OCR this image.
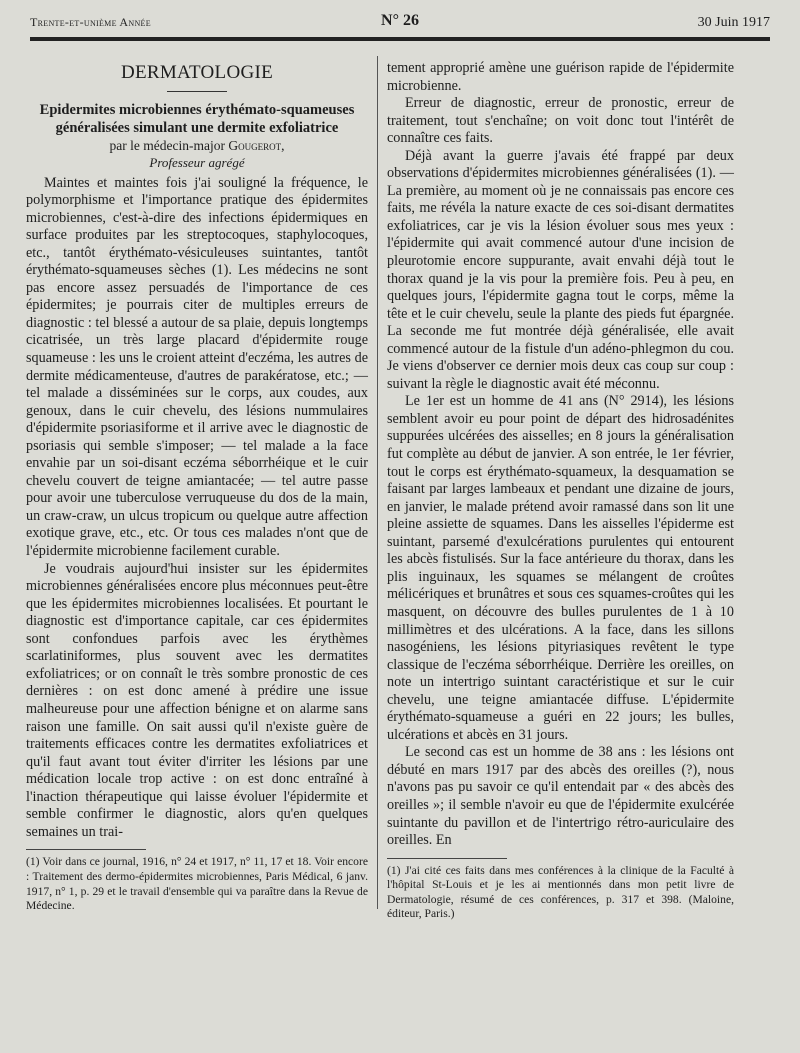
Trente-et-unième Année	N° 26	30 Juin 1917
DERMATOLOGIE
Epidermites microbiennes érythémato-squameuses généralisées simulant une dermite exfoliatrice
par le médecin-major Gougerot,
Professeur agrégé

Maintes et maintes fois j'ai souligné la fréquence, le polymorphisme et l'importance pratique des épidermites microbiennes, c'est-à-dire des infections épidermiques en surface produites par les streptocoques, staphylocoques, etc., tantôt érythémato-vésiculeuses suintantes, tantôt érythémato-squameuses sèches (1). Les médecins ne sont pas encore assez persuadés de l'importance de ces épidermites; je pourrais citer de multiples erreurs de diagnostic : tel blessé a autour de sa plaie, depuis longtemps cicatrisée, un très large placard d'épidermite rouge squameuse : les uns le croient atteint d'eczéma, les autres de dermite médicamenteuse, d'autres de parakératose, etc.; — tel malade a disséminées sur le corps, aux coudes, aux genoux, dans le cuir chevelu, des lésions nummulaires d'épidermite psoriasiforme et il arrive avec le diagnostic de psoriasis qui semble s'imposer; — tel malade a la face envahie par un soi-disant eczéma séborrhéique et le cuir chevelu couvert de teigne amiantacée; — tel autre passe pour avoir une tuberculose verruqueuse du dos de la main, un craw-craw, un ulcus tropicum ou quelque autre affection exotique grave, etc., etc. Or tous ces malades n'ont que de l'épidermite microbienne facilement curable.

Je voudrais aujourd'hui insister sur les épidermites microbiennes généralisées encore plus méconnues peut-être que les épidermites microbiennes localisées. Et pourtant le diagnostic est d'importance capitale, car ces épidermites sont confondues parfois avec les érythèmes scarlatiniformes, plus souvent avec les dermatites exfoliatrices; or on connaît le très sombre pronostic de ces dernières : on est donc amené à prédire une issue malheureuse pour une affection bénigne et on alarme sans raison une famille. On sait aussi qu'il n'existe guère de traitements efficaces contre les dermatites exfoliatrices et qu'il faut avant tout éviter d'irriter les lésions par une médication locale trop active : on est donc entraîné à l'inaction thérapeutique qui laisse évoluer l'épidermite et semble confirmer le diagnostic, alors qu'en quelques semaines un trai-

(1) Voir dans ce journal, 1916, n° 24 et 1917, n° 11, 17 et 18. Voir encore : Traitement des dermo-épidermites microbiennes, Paris Médical, 6 janv. 1917, n° 1, p. 29 et le travail d'ensemble qui va paraître dans la Revue de Médecine.

tement approprié amène une guérison rapide de l'épidermite microbienne.

Erreur de diagnostic, erreur de pronostic, erreur de traitement, tout s'enchaîne; on voit donc tout l'intérêt de connaître ces faits.

Déjà avant la guerre j'avais été frappé par deux observations d'épidermites microbiennes généralisées (1). — La première, au moment où je ne connaissais pas encore ces faits, me révéla la nature exacte de ces soi-disant dermatites exfoliatrices, car je vis la lésion évoluer sous mes yeux : l'épidermite qui avait commencé autour d'une incision de pleurotomie encore suppurante, avait envahi déjà tout le thorax quand je la vis pour la première fois. Peu à peu, en quelques jours, l'épidermite gagna tout le corps, même la tête et le cuir chevelu, seule la plante des pieds fut épargnée. La seconde me fut montrée déjà généralisée, elle avait commencé autour de la fistule d'un adéno-phlegmon du cou. Je viens d'observer ce dernier mois deux cas coup sur coup : suivant la règle le diagnostic avait été méconnu.

Le 1er est un homme de 41 ans (N° 2914), les lésions semblent avoir eu pour point de départ des hidrosadénites suppurées ulcérées des aisselles; en 8 jours la généralisation fut complète au début de janvier. A son entrée, le 1er février, tout le corps est érythémato-squameux, la desquamation se faisant par larges lambeaux et pendant une dizaine de jours, en janvier, le malade prétend avoir ramassé dans son lit une pleine assiette de squames. Dans les aisselles l'épiderme est suintant, parsemé d'exulcérations purulentes qui entourent les abcès fistulisés. Sur la face antérieure du thorax, dans les plis inguinaux, les squames se mélangent de croûtes mélicériques et brunâtres et sous ces squames-croûtes qui les masquent, on découvre des bulles purulentes de 1 à 10 millimètres et des ulcérations. A la face, dans les sillons nasogéniens, les lésions pityriasiques revêtent le type classique de l'eczéma séborrhéique. Derrière les oreilles, on note un intertrigo suintant caractéristique et sur le cuir chevelu, une teigne amiantacée diffuse. L'épidermite érythémato-squameuse a guéri en 22 jours; les bulles, ulcérations et abcès en 31 jours.

Le second cas est un homme de 38 ans : les lésions ont débuté en mars 1917 par des abcès des oreilles (?), nous n'avons pas pu savoir ce qu'il entendait par « des abcès des oreilles »; il semble n'avoir eu que de l'épidermite exulcérée suintante du pavillon et de l'intertrigo rétro-auriculaire des oreilles. En

(1) J'ai cité ces faits dans mes conférences à la clinique de la Faculté à l'hôpital St-Louis et je les ai mentionnés dans mon petit livre de Dermatologie, résumé de ces conférences, p. 317 et 398. (Maloine, éditeur, Paris.)
